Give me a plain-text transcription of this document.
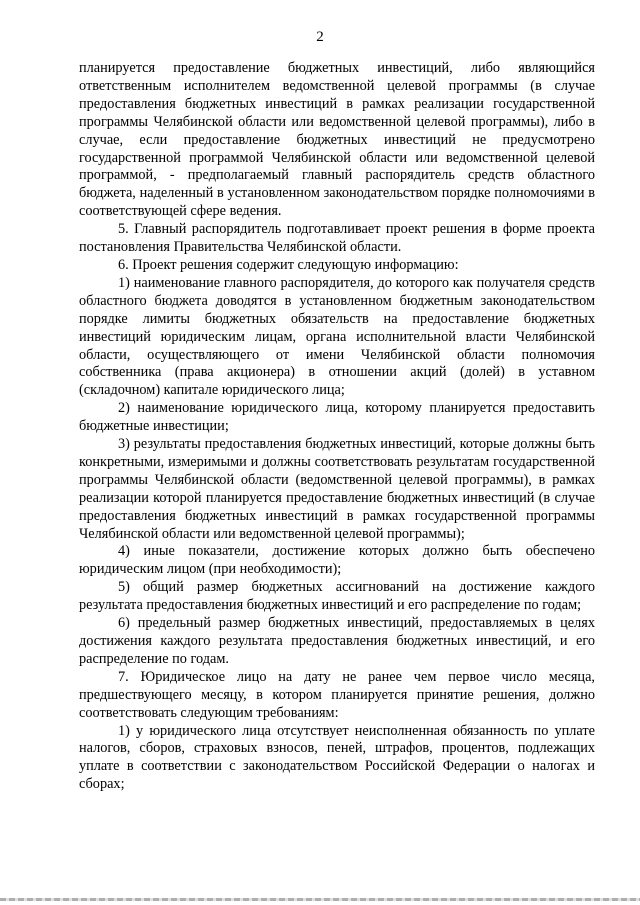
2

планируется предоставление бюджетных инвестиций, либо являющийся ответственным исполнителем ведомственной целевой программы (в случае предоставления бюджетных инвестиций в рамках реализации государственной программы Челябинской области или ведомственной целевой программы), либо в случае, если предоставление бюджетных инвестиций не предусмотрено государственной программой Челябинской области или ведомственной целевой программой, - предполагаемый главный распорядитель средств областного бюджета, наделенный в установленном законодательством порядке полномочиями в соответствующей сфере ведения.

5. Главный распорядитель подготавливает проект решения в форме проекта постановления Правительства Челябинской области.

6. Проект решения содержит следующую информацию:

1) наименование главного распорядителя, до которого как получателя средств областного бюджета доводятся в установленном бюджетным законодательством порядке лимиты бюджетных обязательств на предоставление бюджетных инвестиций юридическим лицам, органа исполнительной власти Челябинской области, осуществляющего от имени Челябинской области полномочия собственника (права акционера) в отношении акций (долей) в уставном (складочном) капитале юридического лица;

2) наименование юридического лица, которому планируется предоставить бюджетные инвестиции;

3) результаты предоставления бюджетных инвестиций, которые должны быть конкретными, измеримыми и должны соответствовать результатам государственной программы Челябинской области (ведомственной целевой программы), в рамках реализации которой планируется предоставление бюджетных инвестиций (в случае предоставления бюджетных инвестиций в рамках государственной программы Челябинской области или ведомственной целевой программы);

4) иные показатели, достижение которых должно быть обеспечено юридическим лицом (при необходимости);

5) общий размер бюджетных ассигнований на достижение каждого результата предоставления бюджетных инвестиций и его распределение по годам;

6) предельный размер бюджетных инвестиций, предоставляемых в целях достижения каждого результата предоставления бюджетных инвестиций, и его распределение по годам.

7. Юридическое лицо на дату не ранее чем первое число месяца, предшествующего месяцу, в котором планируется принятие решения, должно соответствовать следующим требованиям:

1) у юридического лица отсутствует неисполненная обязанность по уплате налогов, сборов, страховых взносов, пеней, штрафов, процентов, подлежащих уплате в соответствии с законодательством Российской Федерации о налогах и сборах;
